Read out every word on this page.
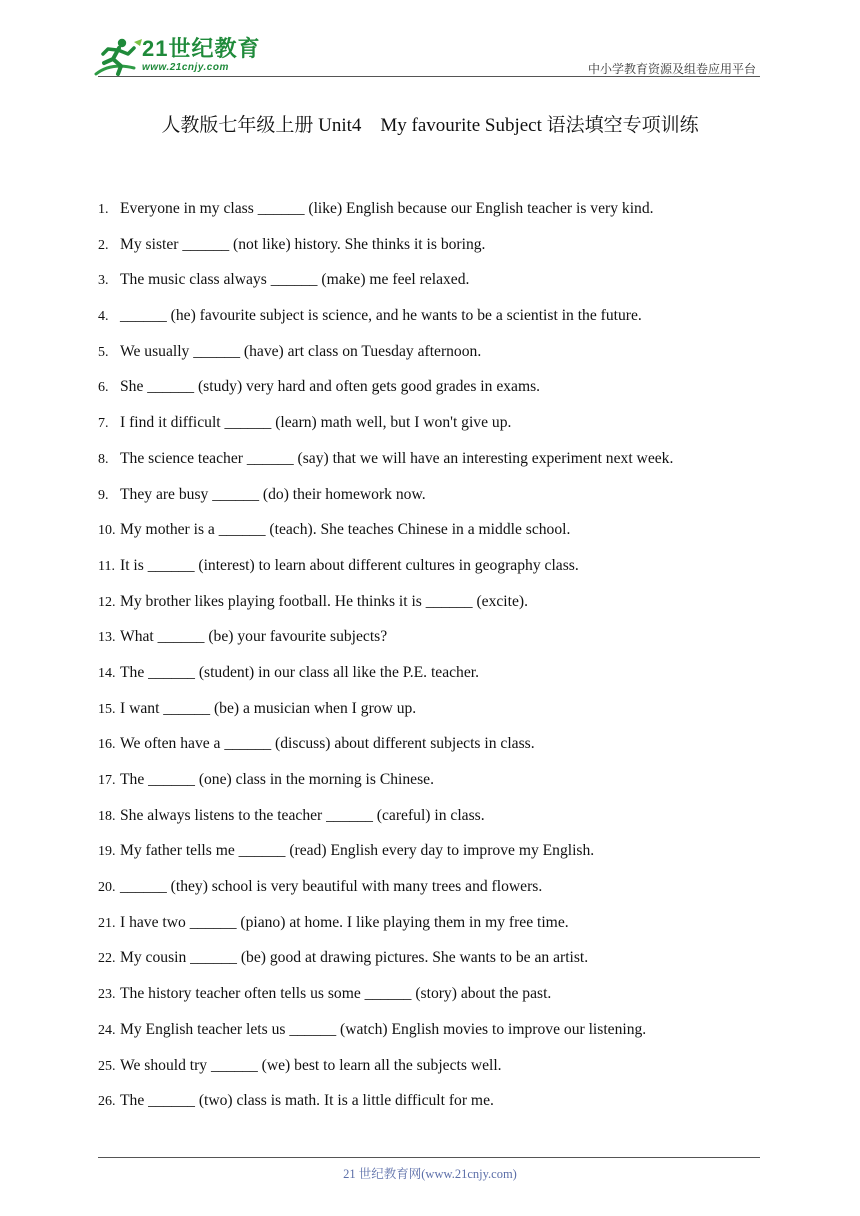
21世纪教育
www.21cnjy.com	中小学教育资源及组卷应用平台
人教版七年级上册 Unit4　My favourite Subject 语法填空专项训练
1. Everyone in my class ______ (like) English because our English teacher is very kind.
2. My sister ______ (not like) history. She thinks it is boring.
3. The music class always ______ (make) me feel relaxed.
4. ______ (he) favourite subject is science, and he wants to be a scientist in the future.
5. We usually ______ (have) art class on Tuesday afternoon.
6. She ______ (study) very hard and often gets good grades in exams.
7. I find it difficult ______ (learn) math well, but I won't give up.
8. The science teacher ______ (say) that we will have an interesting experiment next week.
9. They are busy ______ (do) their homework now.
10. My mother is a ______ (teach). She teaches Chinese in a middle school.
11. It is ______ (interest) to learn about different cultures in geography class.
12. My brother likes playing football. He thinks it is ______ (excite).
13. What ______ (be) your favourite subjects?
14. The ______ (student) in our class all like the P.E. teacher.
15. I want ______ (be) a musician when I grow up.
16. We often have a ______ (discuss) about different subjects in class.
17. The ______ (one) class in the morning is Chinese.
18. She always listens to the teacher ______ (careful) in class.
19. My father tells me ______ (read) English every day to improve my English.
20. ______ (they) school is very beautiful with many trees and flowers.
21. I have two ______ (piano) at home. I like playing them in my free time.
22. My cousin ______ (be) good at drawing pictures. She wants to be an artist.
23. The history teacher often tells us some ______ (story) about the past.
24. My English teacher lets us ______ (watch) English movies to improve our listening.
25. We should try ______ (we) best to learn all the subjects well.
26. The ______ (two) class is math. It is a little difficult for me.
21 世纪教育网(www.21cnjy.com)
